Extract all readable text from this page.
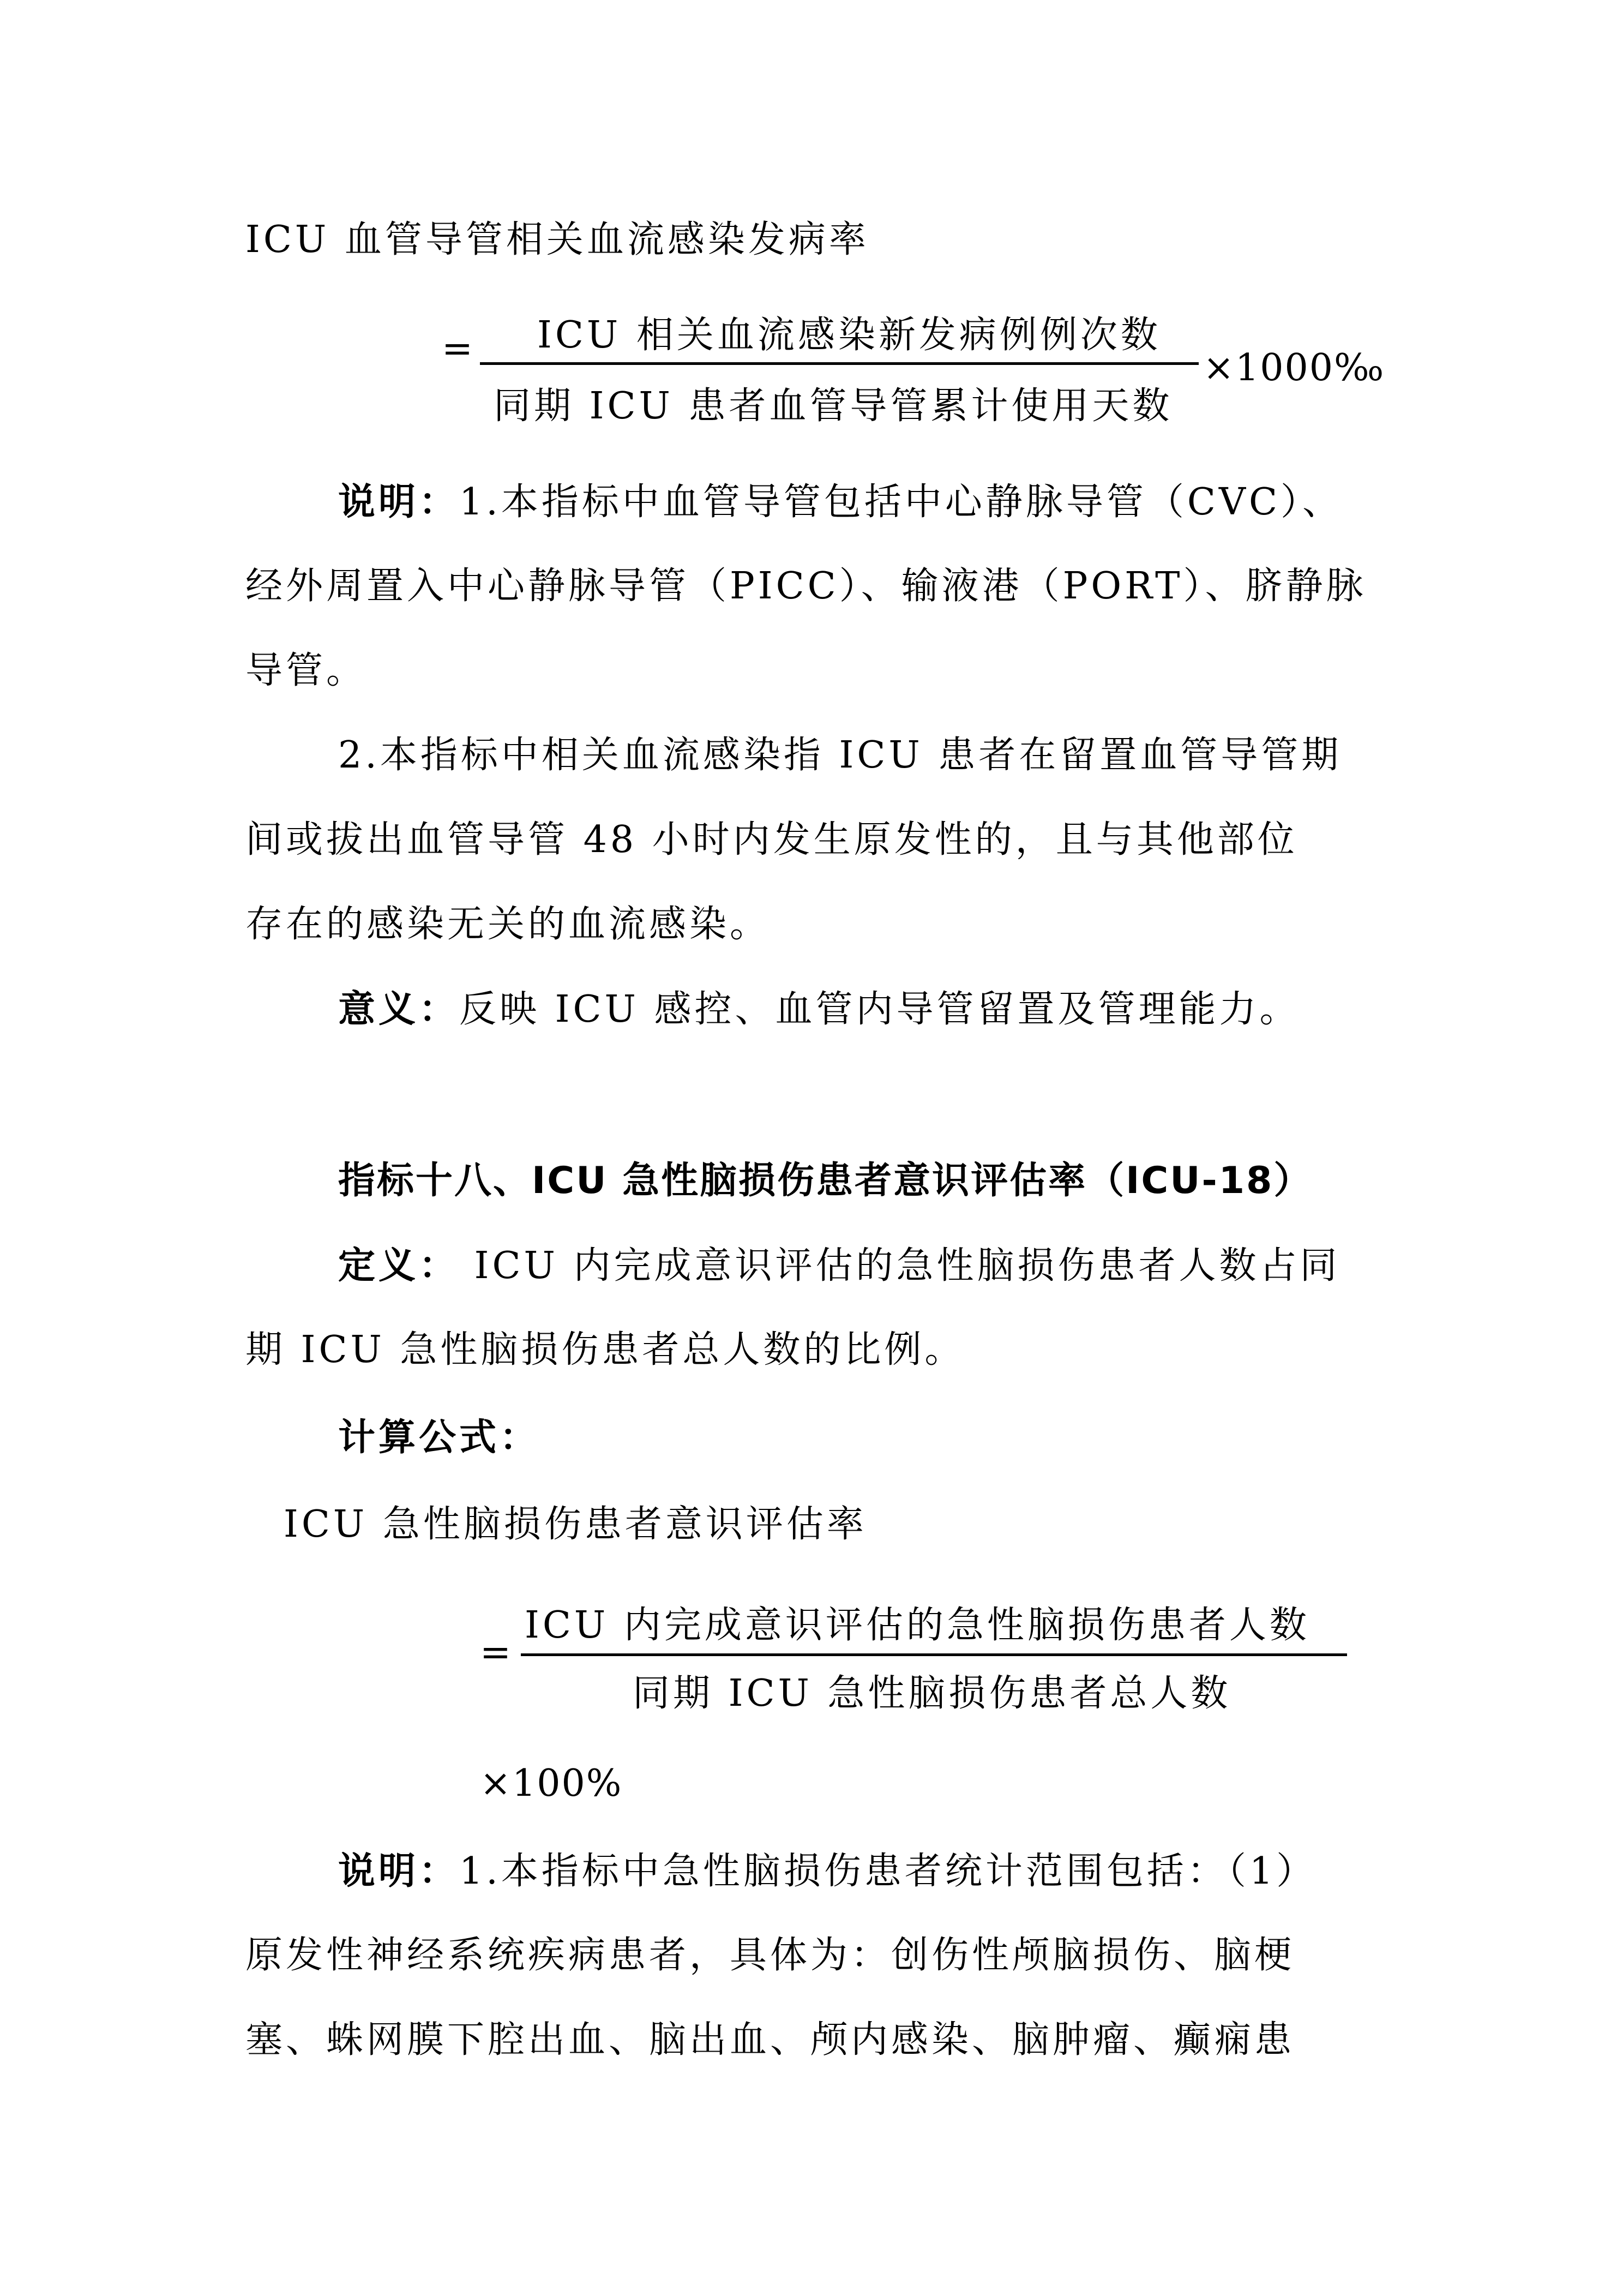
ICU 血管导管相关血流感染发病率
= ICU 相关血流感染新发病例例次数
同期 ICU 患者血管导管累计使用天数
×1000‰
说明：1.本指标中血管导管包括中心静脉导管（CVC）、
经外周置入中心静脉导管（PICC）、输液港（PORT）、脐静脉
导管。
2.本指标中相关血流感染指 ICU 患者在留置血管导管期
间或拔出血管导管 48 小时内发生原发性的，且与其他部位
存在的感染无关的血流感染。
意义：反映 ICU 感控、血管内导管留置及管理能力。
指标十八、ICU 急性脑损伤患者意识评估率（ICU-18）
定义： ICU 内完成意识评估的急性脑损伤患者人数占同
期 ICU 急性脑损伤患者总人数的比例。
计算公式：
ICU 急性脑损伤患者意识评估率
=
ICU 内完成意识评估的急性脑损伤患者人数
同期 ICU 急性脑损伤患者总人数
×100%
说明：1.本指标中急性脑损伤患者统计范围包括：（1）
原发性神经系统疾病患者，具体为：创伤性颅脑损伤、脑梗
塞、蛛网膜下腔出血、脑出血、颅内感染、脑肿瘤、癫痫患
